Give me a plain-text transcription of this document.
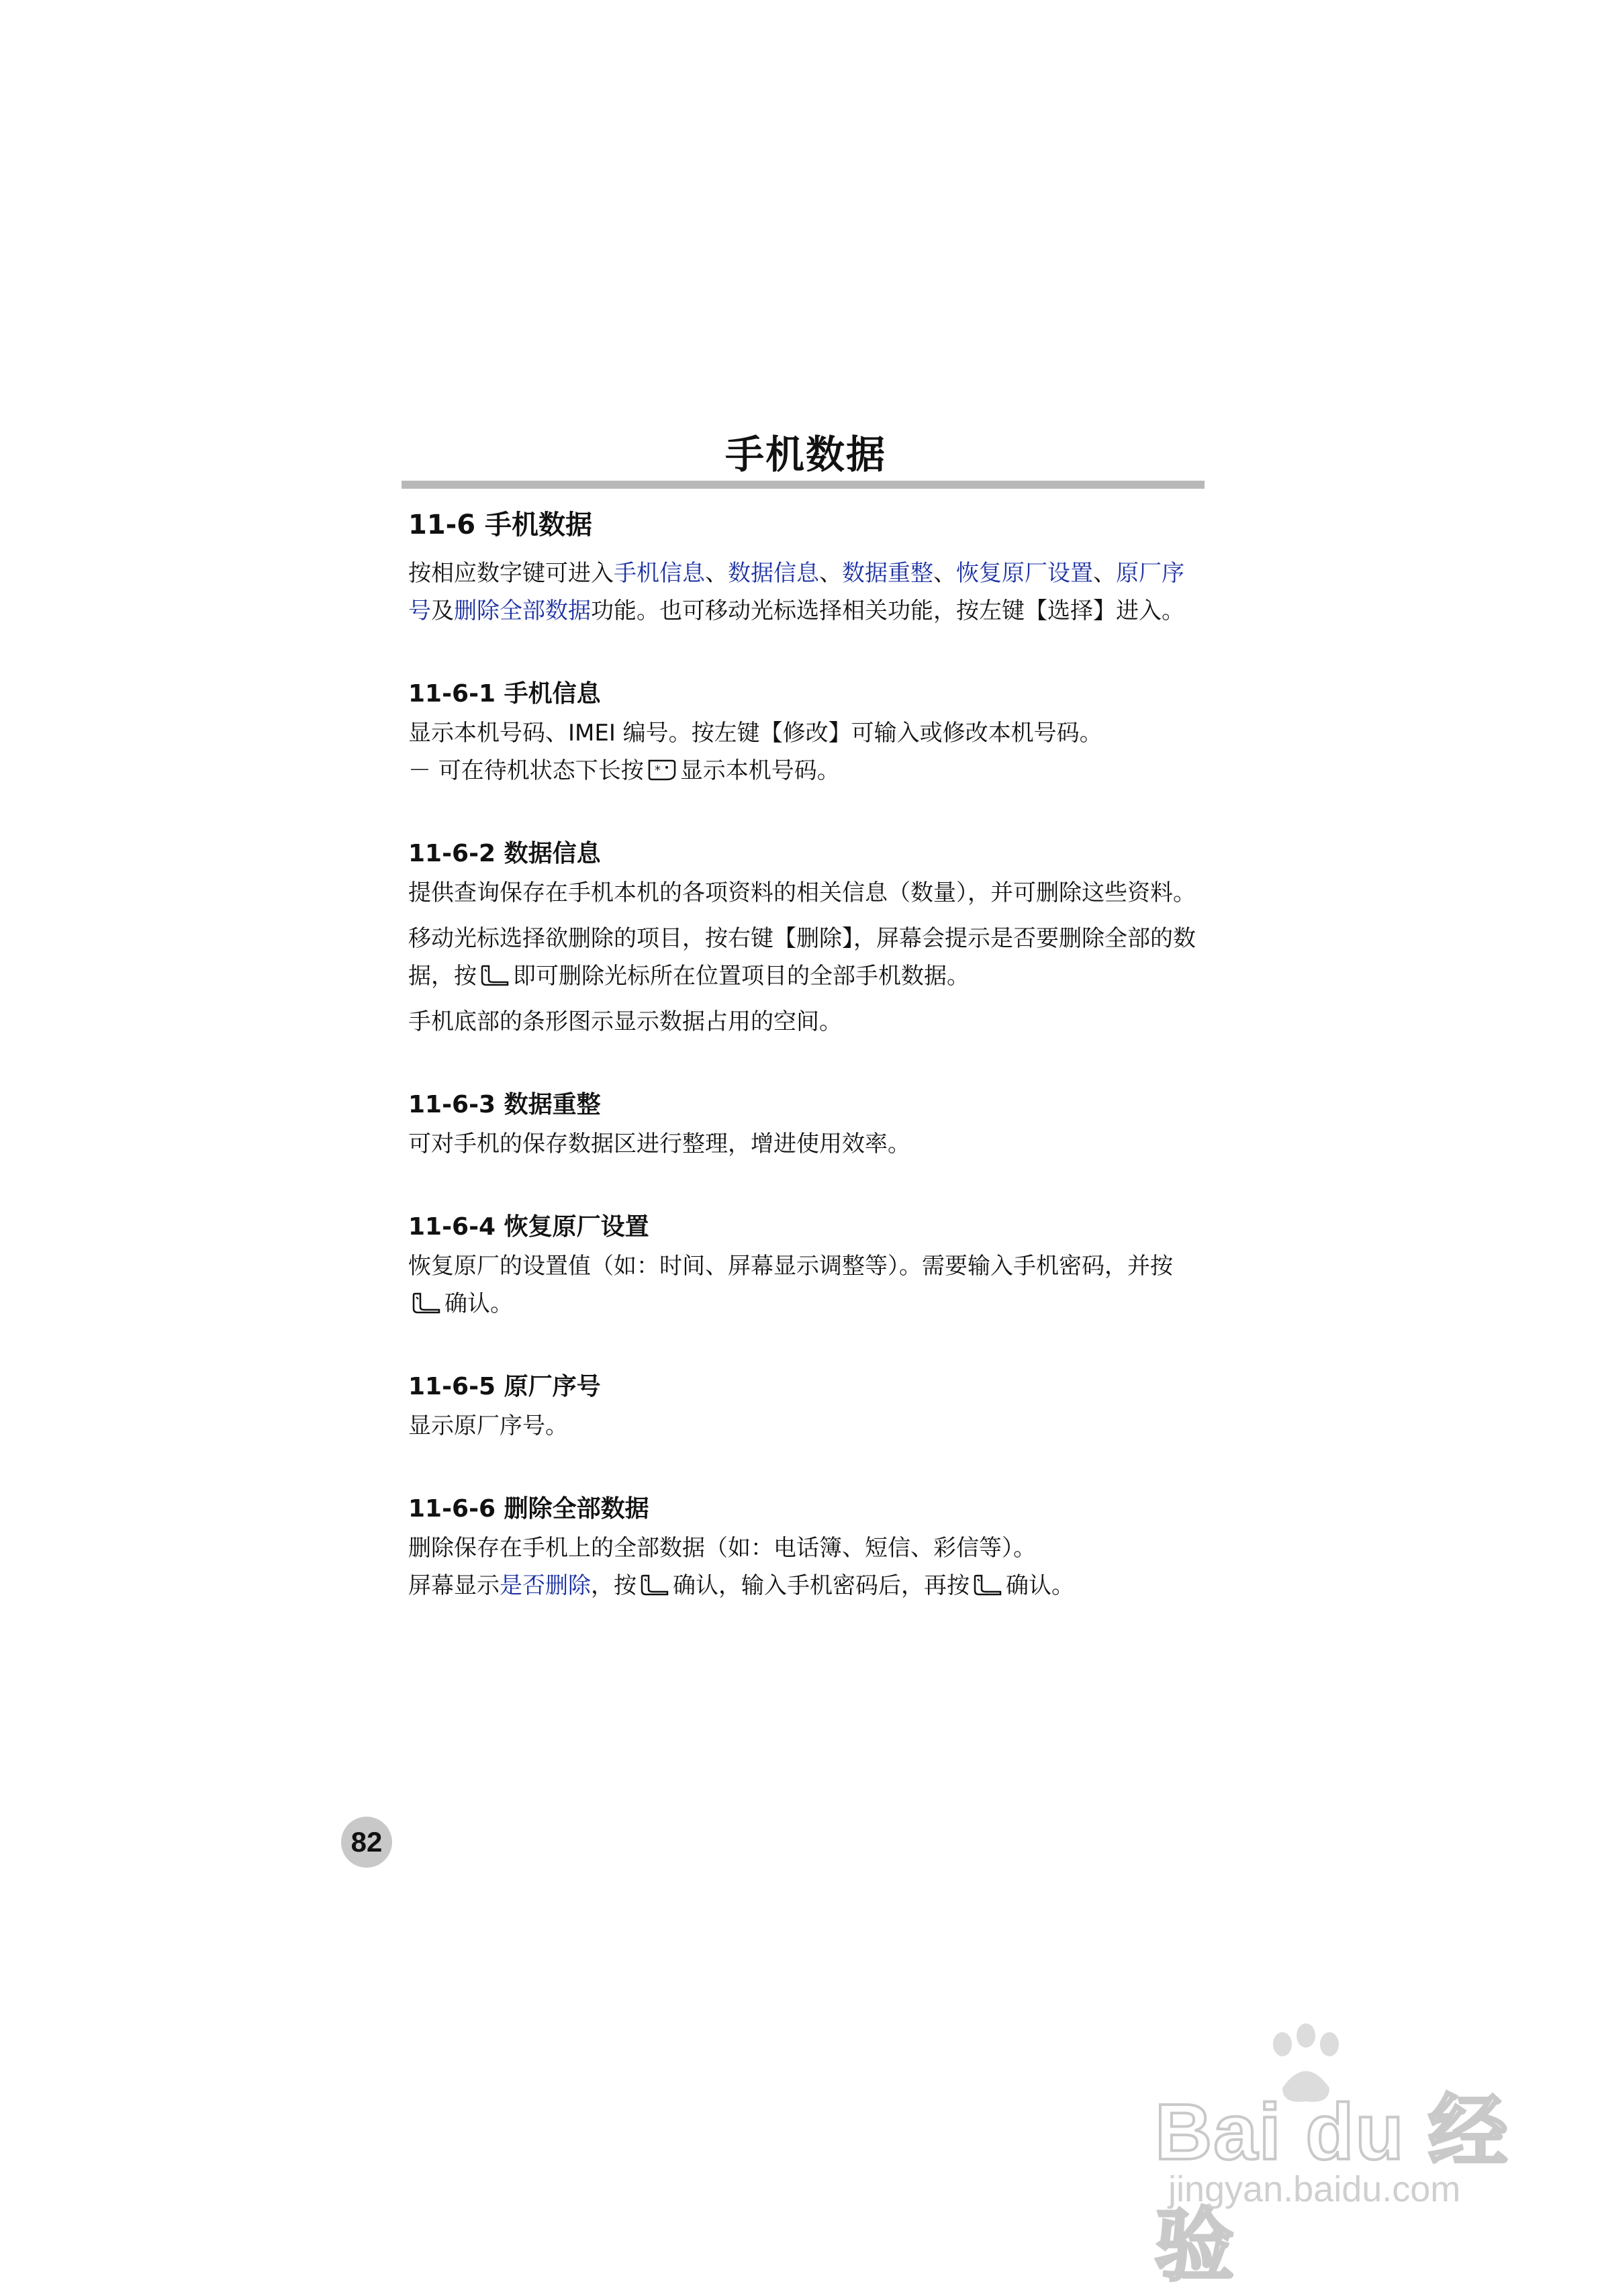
手机数据
11-6 手机数据

按相应数字键可进入手机信息、数据信息、数据重整、恢复原厂设置、原厂序号及删除全部数据功能。也可移动光标选择相关功能，按左键【选择】进入。

11-6-1 手机信息

显示本机号码、IMEI 编号。按左键【修改】可输入或修改本机号码。

－ 可在待机状态下长按 * 显示本机号码。

11-6-2 数据信息

提供查询保存在手机本机的各项资料的相关信息（数量），并可删除这些资料。

移动光标选择欲删除的项目，按右键【删除】，屏幕会提示是否要删除全部的数据，按 即可删除光标所在位置项目的全部手机数据。

手机底部的条形图示显示数据占用的空间。

11-6-3 数据重整

可对手机的保存数据区进行整理，增进使用效率。

11-6-4 恢复原厂设置

恢复原厂的设置值（如：时间、屏幕显示调整等）。需要输入手机密码，并按确认。

11-6-5 原厂序号

显示原厂序号。

11-6-6 删除全部数据

删除保存在手机上的全部数据（如：电话簿、短信、彩信等）。

屏幕显示是否删除，按 确认，输入手机密码后，再按 确认。

82
Bai du 经验
jingyan.baidu.com
